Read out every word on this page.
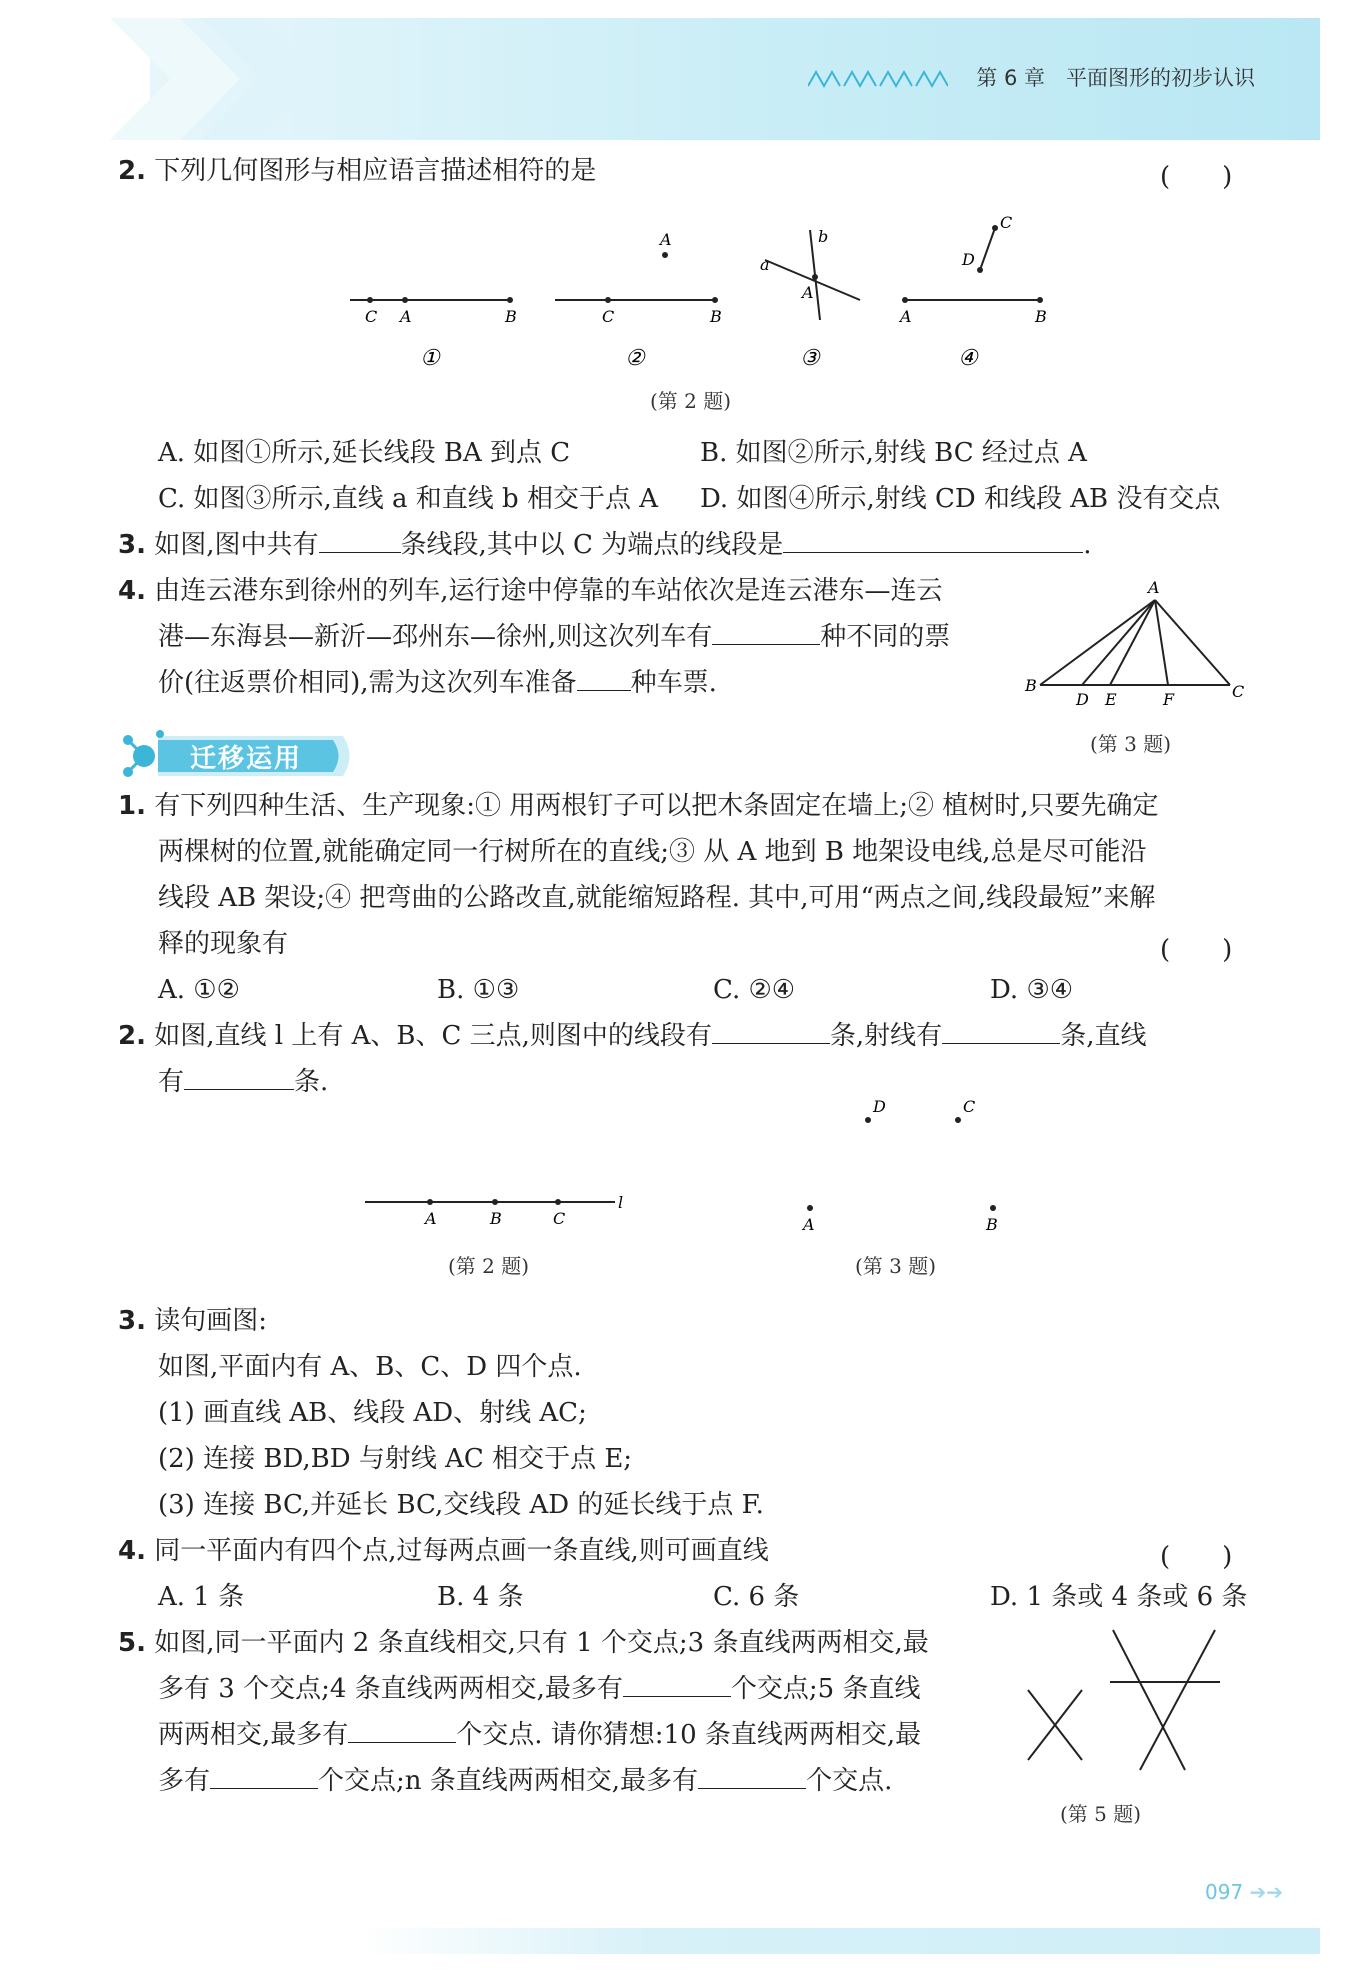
第 6 章　平面图形的初步认识
2. 下列几何图形与相应语言描述相符的是	(　　)
C A	B
①
A
C	B
②
a
b
A
③
C
D
A	B
④
(第 2 题)
A. 如图①所示,延长线段 BA 到点 C	B. 如图②所示,射线 BC 经过点 A
C. 如图③所示,直线 a 和直线 b 相交于点 A D. 如图④所示,射线 CD 和线段 AB 没有交点
3. 如图,图中共有	条线段,其中以 C 为端点的线段是	.
4. 由连云港东到徐州的列车,运行途中停靠的车站依次是连云港东—连云
港—东海县—新沂—邳州东—徐州,则这次列车有	种不同的票
价(往返票价相同),需为这次列车准备 种车票.
A
B
D E	F	C
(第 3 题)
迁移运用
1. 有下列四种生活、生产现象:① 用两根钉子可以把木条固定在墙上;② 植树时,只要先确定
两棵树的位置,就能确定同一行树所在的直线;③ 从 A 地到 B 地架设电线,总是尽可能沿
线段 AB 架设;④ 把弯曲的公路改直,就能缩短路程. 其中,可用“两点之间,线段最短”来解
释的现象有	(　　)
A. ①②	B. ①③	C. ②④	D. ③④
2. 如图,直线 l 上有 A、B、C 三点,则图中的线段有	条,射线有	条,直线
有	条.
A	B	C
l
(第 2 题)
D	C
A	B
(第 3 题)
3. 读句画图:
如图,平面内有 A、B、C、D 四个点.
(1) 画直线 AB、线段 AD、射线 AC;
(2) 连接 BD,BD 与射线 AC 相交于点 E;
(3) 连接 BC,并延长 BC,交线段 AD 的延长线于点 F.
4. 同一平面内有四个点,过每两点画一条直线,则可画直线	(　　)
A. 1 条	B. 4 条	C. 6 条	D. 1 条或 4 条或 6 条
5. 如图,同一平面内 2 条直线相交,只有 1 个交点;3 条直线两两相交,最
多有 3 个交点;4 条直线两两相交,最多有	个交点;5 条直线
两两相交,最多有	个交点. 请你猜想:10 条直线两两相交,最
多有	个交点;n 条直线两两相交,最多有	个交点.
(第 5 题)
097 ➔➔
